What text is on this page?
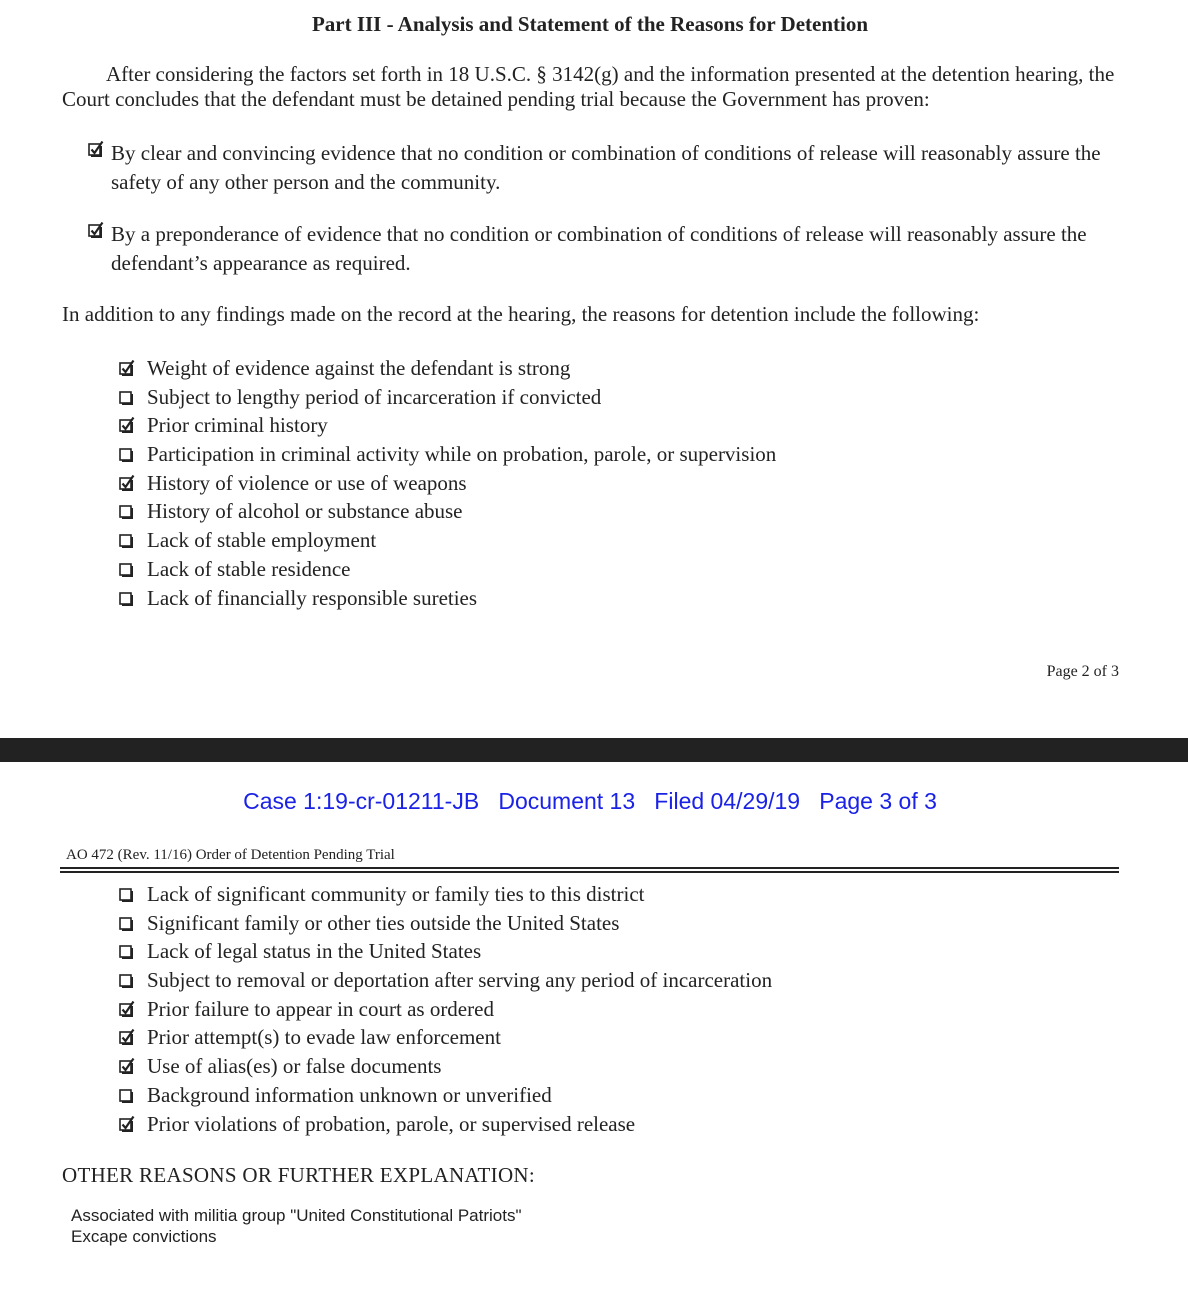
Part III - Analysis and Statement of the Reasons for Detention
After considering the factors set forth in 18 U.S.C. § 3142(g) and the information presented at the detention hearing, the Court concludes that the defendant must be detained pending trial because the Government has proven:
By clear and convincing evidence that no condition or combination of conditions of release will reasonably assure the safety of any other person and the community.
By a preponderance of evidence that no condition or combination of conditions of release will reasonably assure the defendant’s appearance as required.
In addition to any findings made on the record at the hearing, the reasons for detention include the following:
Weight of evidence against the defendant is strong
Subject to lengthy period of incarceration if convicted
Prior criminal history
Participation in criminal activity while on probation, parole, or supervision
History of violence or use of weapons
History of alcohol or substance abuse
Lack of stable employment
Lack of stable residence
Lack of financially responsible sureties
Page 2 of 3
Case 1:19-cr-01211-JB   Document 13   Filed 04/29/19   Page 3 of 3
AO 472 (Rev. 11/16) Order of Detention Pending Trial
Lack of significant community or family ties to this district
Significant family or other ties outside the United States
Lack of legal status in the United States
Subject to removal or deportation after serving any period of incarceration
Prior failure to appear in court as ordered
Prior attempt(s) to evade law enforcement
Use of alias(es) or false documents
Background information unknown or unverified
Prior violations of probation, parole, or supervised release
OTHER REASONS OR FURTHER EXPLANATION:
Associated with militia group "United Constitutional Patriots"
Excape convictions
